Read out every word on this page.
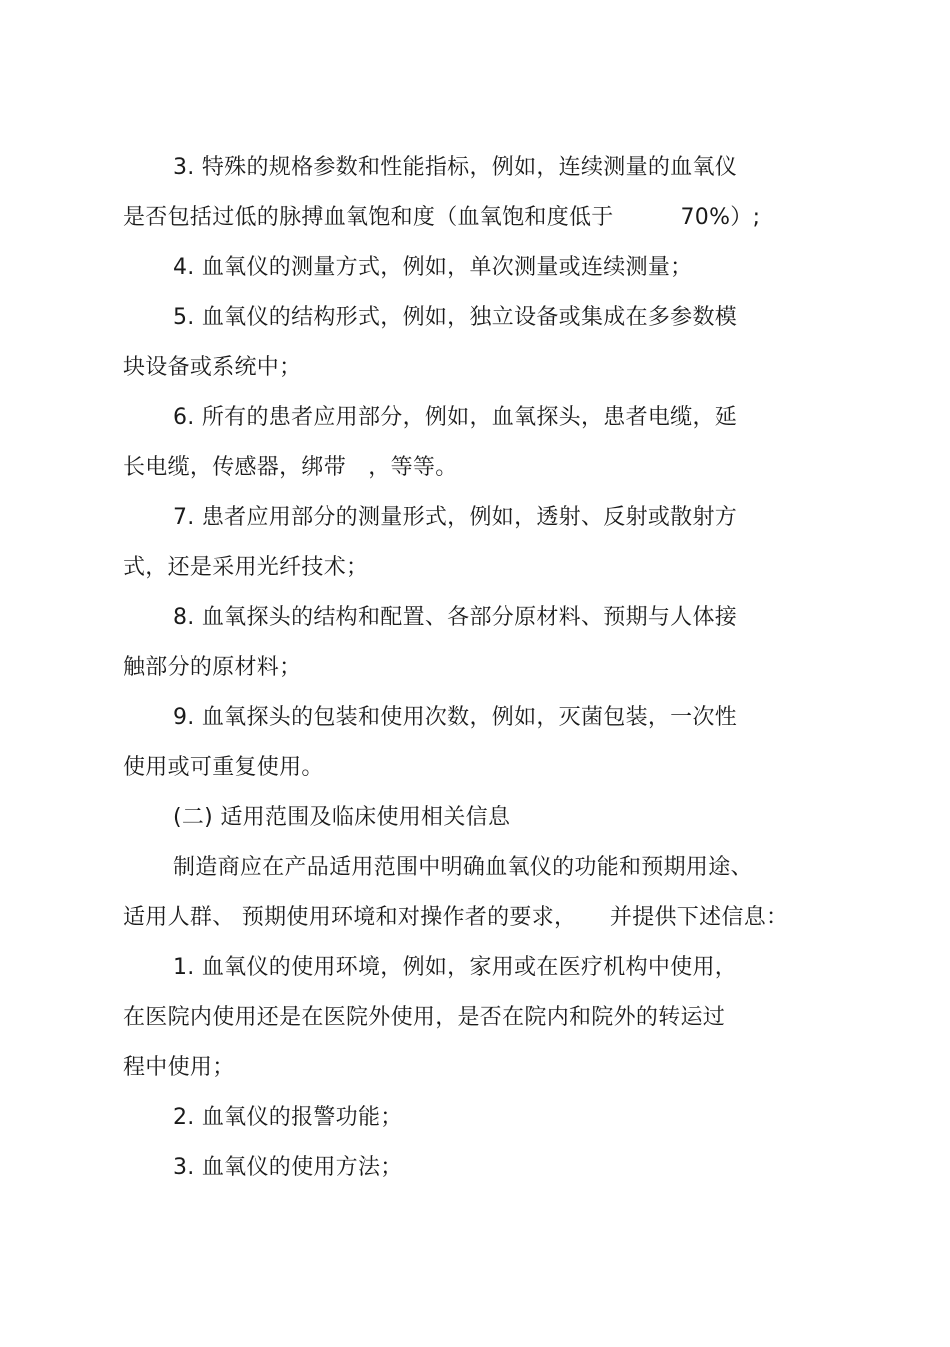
3. 特殊的规格参数和性能指标，例如，连续测量的血氧仪
是否包括过低的脉搏血氧饱和度（血氧饱和度低于　　　70%）;
4. 血氧仪的测量方式，例如，单次测量或连续测量；
5. 血氧仪的结构形式，例如，独立设备或集成在多参数模
块设备或系统中；
6. 所有的患者应用部分，例如，血氧探头，患者电缆，延
长电缆，传感器，绑带　，等等。
7. 患者应用部分的测量形式，例如，透射、反射或散射方
式，还是采用光纤技术；
8. 血氧探头的结构和配置、各部分原材料、预期与人体接
触部分的原材料；
9. 血氧探头的包装和使用次数，例如，灭菌包装，一次性
使用或可重复使用。
(二) 适用范围及临床使用相关信息
制造商应在产品适用范围中明确血氧仪的功能和预期用途、
适用人群、 预期使用环境和对操作者的要求，　　并提供下述信息：
1. 血氧仪的使用环境，例如，家用或在医疗机构中使用，
在医院内使用还是在医院外使用，是否在院内和院外的转运过
程中使用；
2. 血氧仪的报警功能；
3. 血氧仪的使用方法；
